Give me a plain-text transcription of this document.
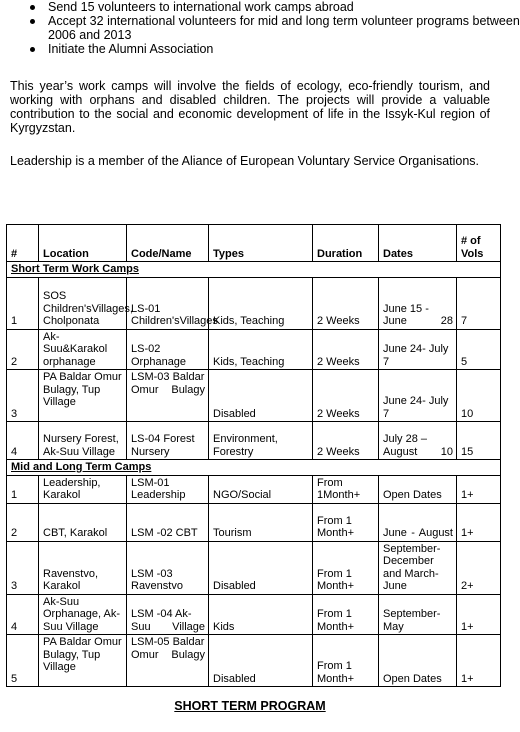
Send 15 volunteers to international work camps abroad
Accept 32 international volunteers for mid and long term volunteer programs between 2006 and 2013
Initiate the Alumni Association

This year’s work camps will involve the fields of ecology, eco-friendly tourism, and working with orphans and disabled children. The projects will provide a valuable contribution to the social and economic development of life in the Issyk-Kul region of Kyrgyzstan.

Leadership is a member of the Aliance of European Voluntary Service Organisations.

#	Location	Code/Name	Types	Duration	Dates	# of Vols
Short Term Work Camps						
1	SOS Children'sVillages, Cholponata	LS-01 Children'sVillages	Kids, Teaching	2 Weeks	June 15 - June 28	7
2	Ak-Suu&Karakol orphanage	LS-02 Orphanage	Kids, Teaching	2 Weeks	June 24- July 7	5
3	PA Baldar Omur Bulagy, Tup Village	LSM-03 Baldar Omur Bulagy	Disabled	2 Weeks	June 24- July 7	10
4	Nursery Forest, Ak-Suu Village	LS-04 Forest Nursery	Environment, Forestry	2 Weeks	July 28 – August 10	15
Mid and Long Term Camps						
1	Leadership, Karakol	LSM-01 Leadership	NGO/Social	From 1Month+	Open Dates	1+
2	CBT, Karakol	LSM -02 CBT	Tourism	From 1 Month+	June - August	1+
3	Ravenstvo, Karakol	LSM -03 Ravenstvo	Disabled	From 1 Month+	September-December and March-June	2+
4	Ak-Suu Orphanage, Ak-Suu Village	LSM -04 Ak-Suu Village	Kids	From 1 Month+	September-May	1+
5	PA Baldar Omur Bulagy, Tup Village	LSM-05 Baldar Omur Bulagy	Disabled	From 1 Month+	Open Dates	1+
SHORT TERM PROGRAM
